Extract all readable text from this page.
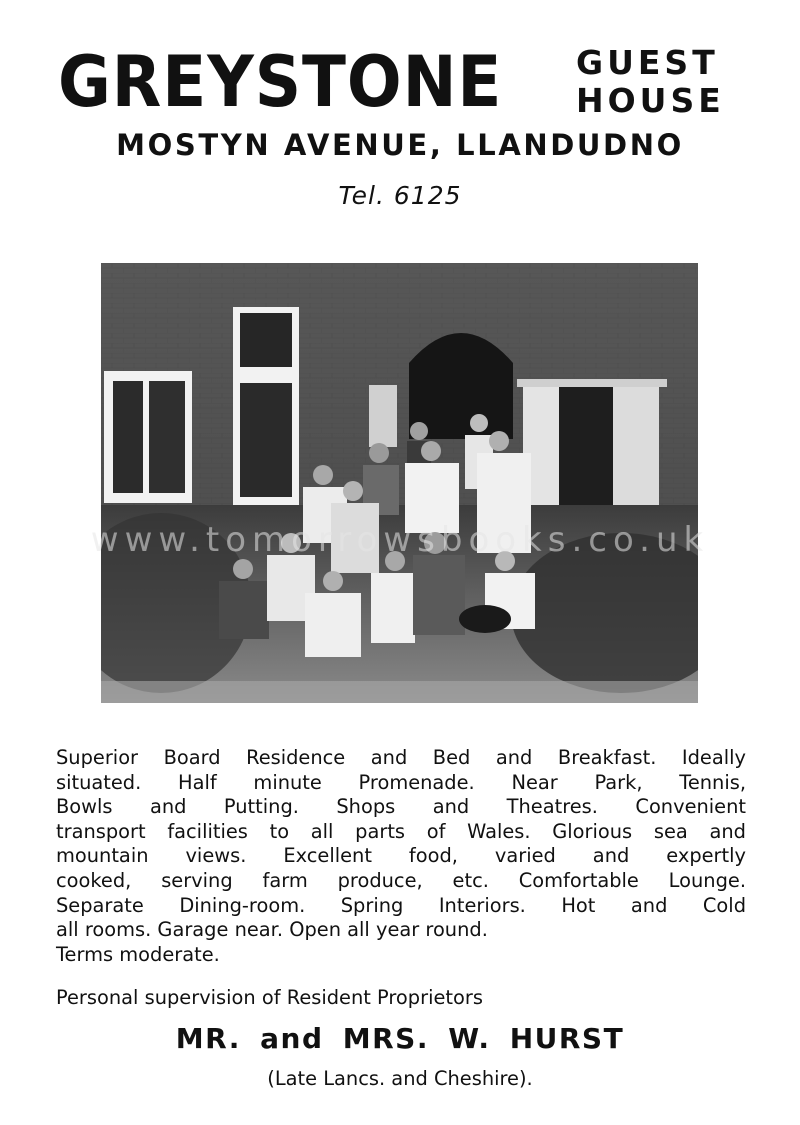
GREYSTONE GUEST
HOUSE
MOSTYN AVENUE, LLANDUDNO
Tel. 6125
www.tomorrowsbooks.co.uk
Superior Board Residence and Bed and Breakfast. Ideally
situated. Half minute Promenade. Near Park, Tennis,
Bowls and Putting. Shops and Theatres. Convenient
transport facilities to all parts of Wales. Glorious sea and
mountain views. Excellent food, varied and expertly
cooked, serving farm produce, etc. Comfortable Lounge.
Separate Dining-room. Spring Interiors. Hot and Cold
all rooms. Garage near. Open all year round.
Terms moderate.
Personal supervision of Resident Proprietors
MR. and MRS. W. HURST
(Late Lancs. and Cheshire).
